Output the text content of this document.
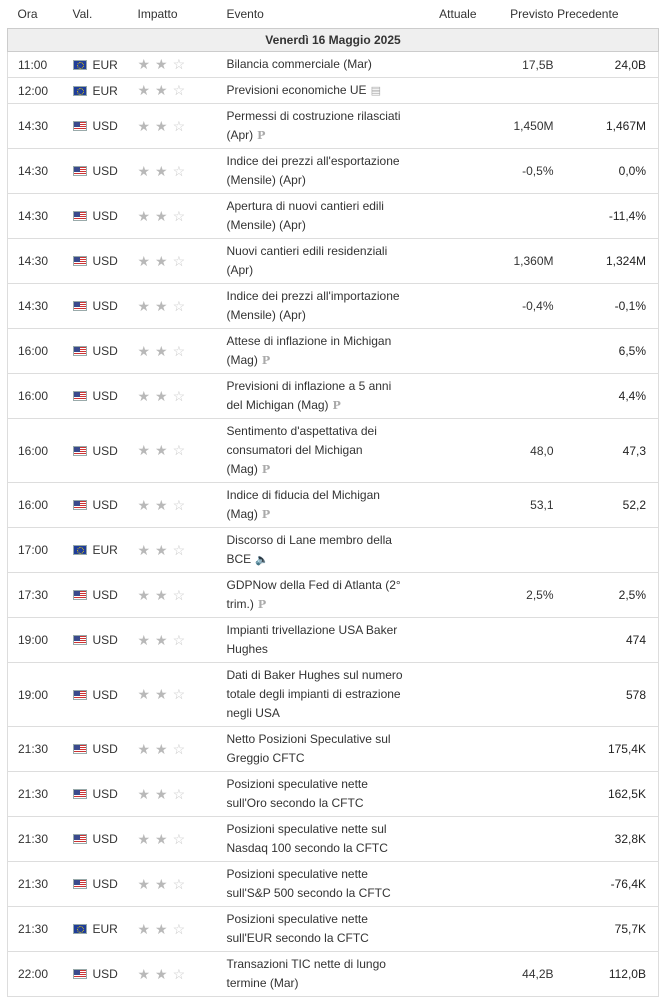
Ora	Val.	Impatto	Evento	Attuale	Previsto	Precedente
Venerdì 16 Maggio 2025						
11:00	EUR	★★☆	Bilancia commerciale (Mar)		17,5B	24,0B
12:00	EUR	★★☆	Previsioni economiche UE ▤			
14:30	USD	★★☆	Permessi di costruzione rilasciati (Apr) P		1,450M	1,467M
14:30	USD	★★☆	Indice dei prezzi all'esportazione (Mensile) (Apr)		-0,5%	0,0%
14:30	USD	★★☆	Apertura di nuovi cantieri edili (Mensile) (Apr)			-11,4%
14:30	USD	★★☆	Nuovi cantieri edili residenziali (Apr)		1,360M	1,324M
14:30	USD	★★☆	Indice dei prezzi all'importazione (Mensile) (Apr)		-0,4%	-0,1%
16:00	USD	★★☆	Attese di inflazione in Michigan (Mag) P			6,5%
16:00	USD	★★☆	Previsioni di inflazione a 5 anni del Michigan (Mag) P			4,4%
16:00	USD	★★☆	Sentimento d'aspettativa dei consumatori del Michigan (Mag) P		48,0	47,3
16:00	USD	★★☆	Indice di fiducia del Michigan (Mag) P		53,1	52,2
17:00	EUR	★★☆	Discorso di Lane membro della BCE 🔈			
17:30	USD	★★☆	GDPNow della Fed di Atlanta (2° trim.) P		2,5%	2,5%
19:00	USD	★★☆	Impianti trivellazione USA Baker Hughes			474
19:00	USD	★★☆	Dati di Baker Hughes sul numero totale degli impianti di estrazione negli USA			578
21:30	USD	★★☆	Netto Posizioni Speculative sul Greggio CFTC			175,4K
21:30	USD	★★☆	Posizioni speculative nette sull'Oro secondo la CFTC			162,5K
21:30	USD	★★☆	Posizioni speculative nette sul Nasdaq 100 secondo la CFTC			32,8K
21:30	USD	★★☆	Posizioni speculative nette sull'S&P 500 secondo la CFTC			-76,4K
21:30	EUR	★★☆	Posizioni speculative nette sull'EUR secondo la CFTC			75,7K
22:00	USD	★★☆	Transazioni TIC nette di lungo termine (Mar)		44,2B	112,0B
